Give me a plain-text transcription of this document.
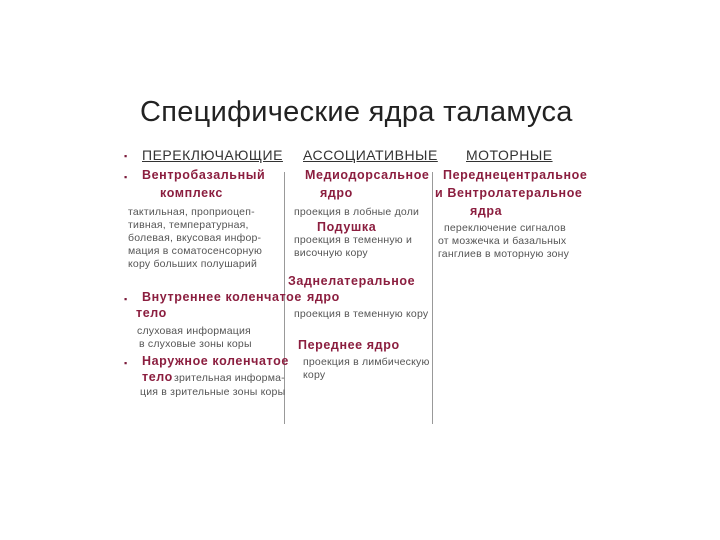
Специфические ядра таламуса
▪ ПЕРЕКЛЮЧАЮЩИЕ АССОЦИАТИВНЫЕ МОТОРНЫЕ
▪ Вентробазальный
комплекс
тактильная, проприоцеп-
тивная, температурная,
болевая, вкусовая инфор-
мация в соматосенсорную
кору больших полушарий
▪ Внутреннее коленчатое
тело
слуховая информация
в слуховые зоны коры
▪ Наружное коленчатое
тело зрительная информа-
ция в зрительные зоны коры
Медиодорсальное
ядро
проекция в лобные доли
Подушка
проекция в теменную и
височную кору
Заднелатеральное
ядро
проекция в теменную кору
Переднее ядро
проекция в лимбическую
кору
Переднецентральное
и Вентролатеральное
ядра
переключение сигналов
от мозжечка и базальных
ганглиев в моторную зону
